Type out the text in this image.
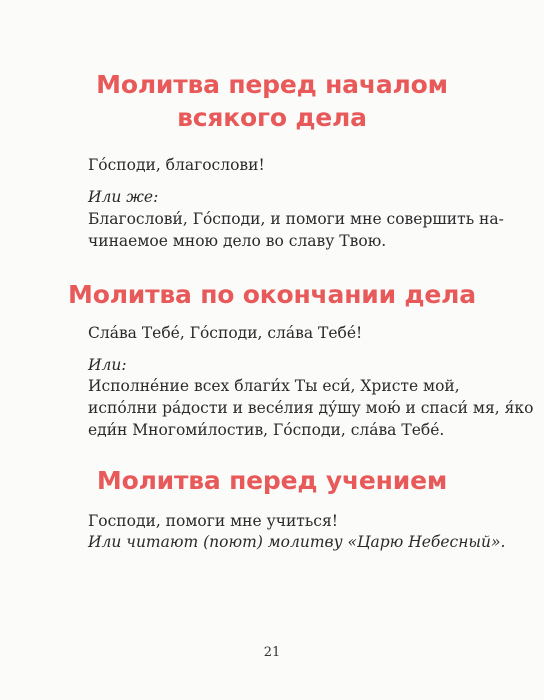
Молитва перед началом
всякого дела

Го́споди, благослови!

Или же:

Благослови́, Го́споди, и помоги мне совершить на-

чинаемое мною дело во славу Твою.

Молитва по окончании дела

Сла́ва Тебе́, Го́споди, сла́ва Тебе́!

Или:

Исполне́ние всех благи́х Ты еси́, Христе мой,

испо́лни ра́дости и весе́лия ду́шу мою́ и спаси́ мя, я́ко

еди́н Многоми́лостив, Го́споди, сла́ва Тебе́.

Молитва перед учением

Господи, помоги мне учиться!

Или читают (поют) молитву «Царю Небесный».

21
